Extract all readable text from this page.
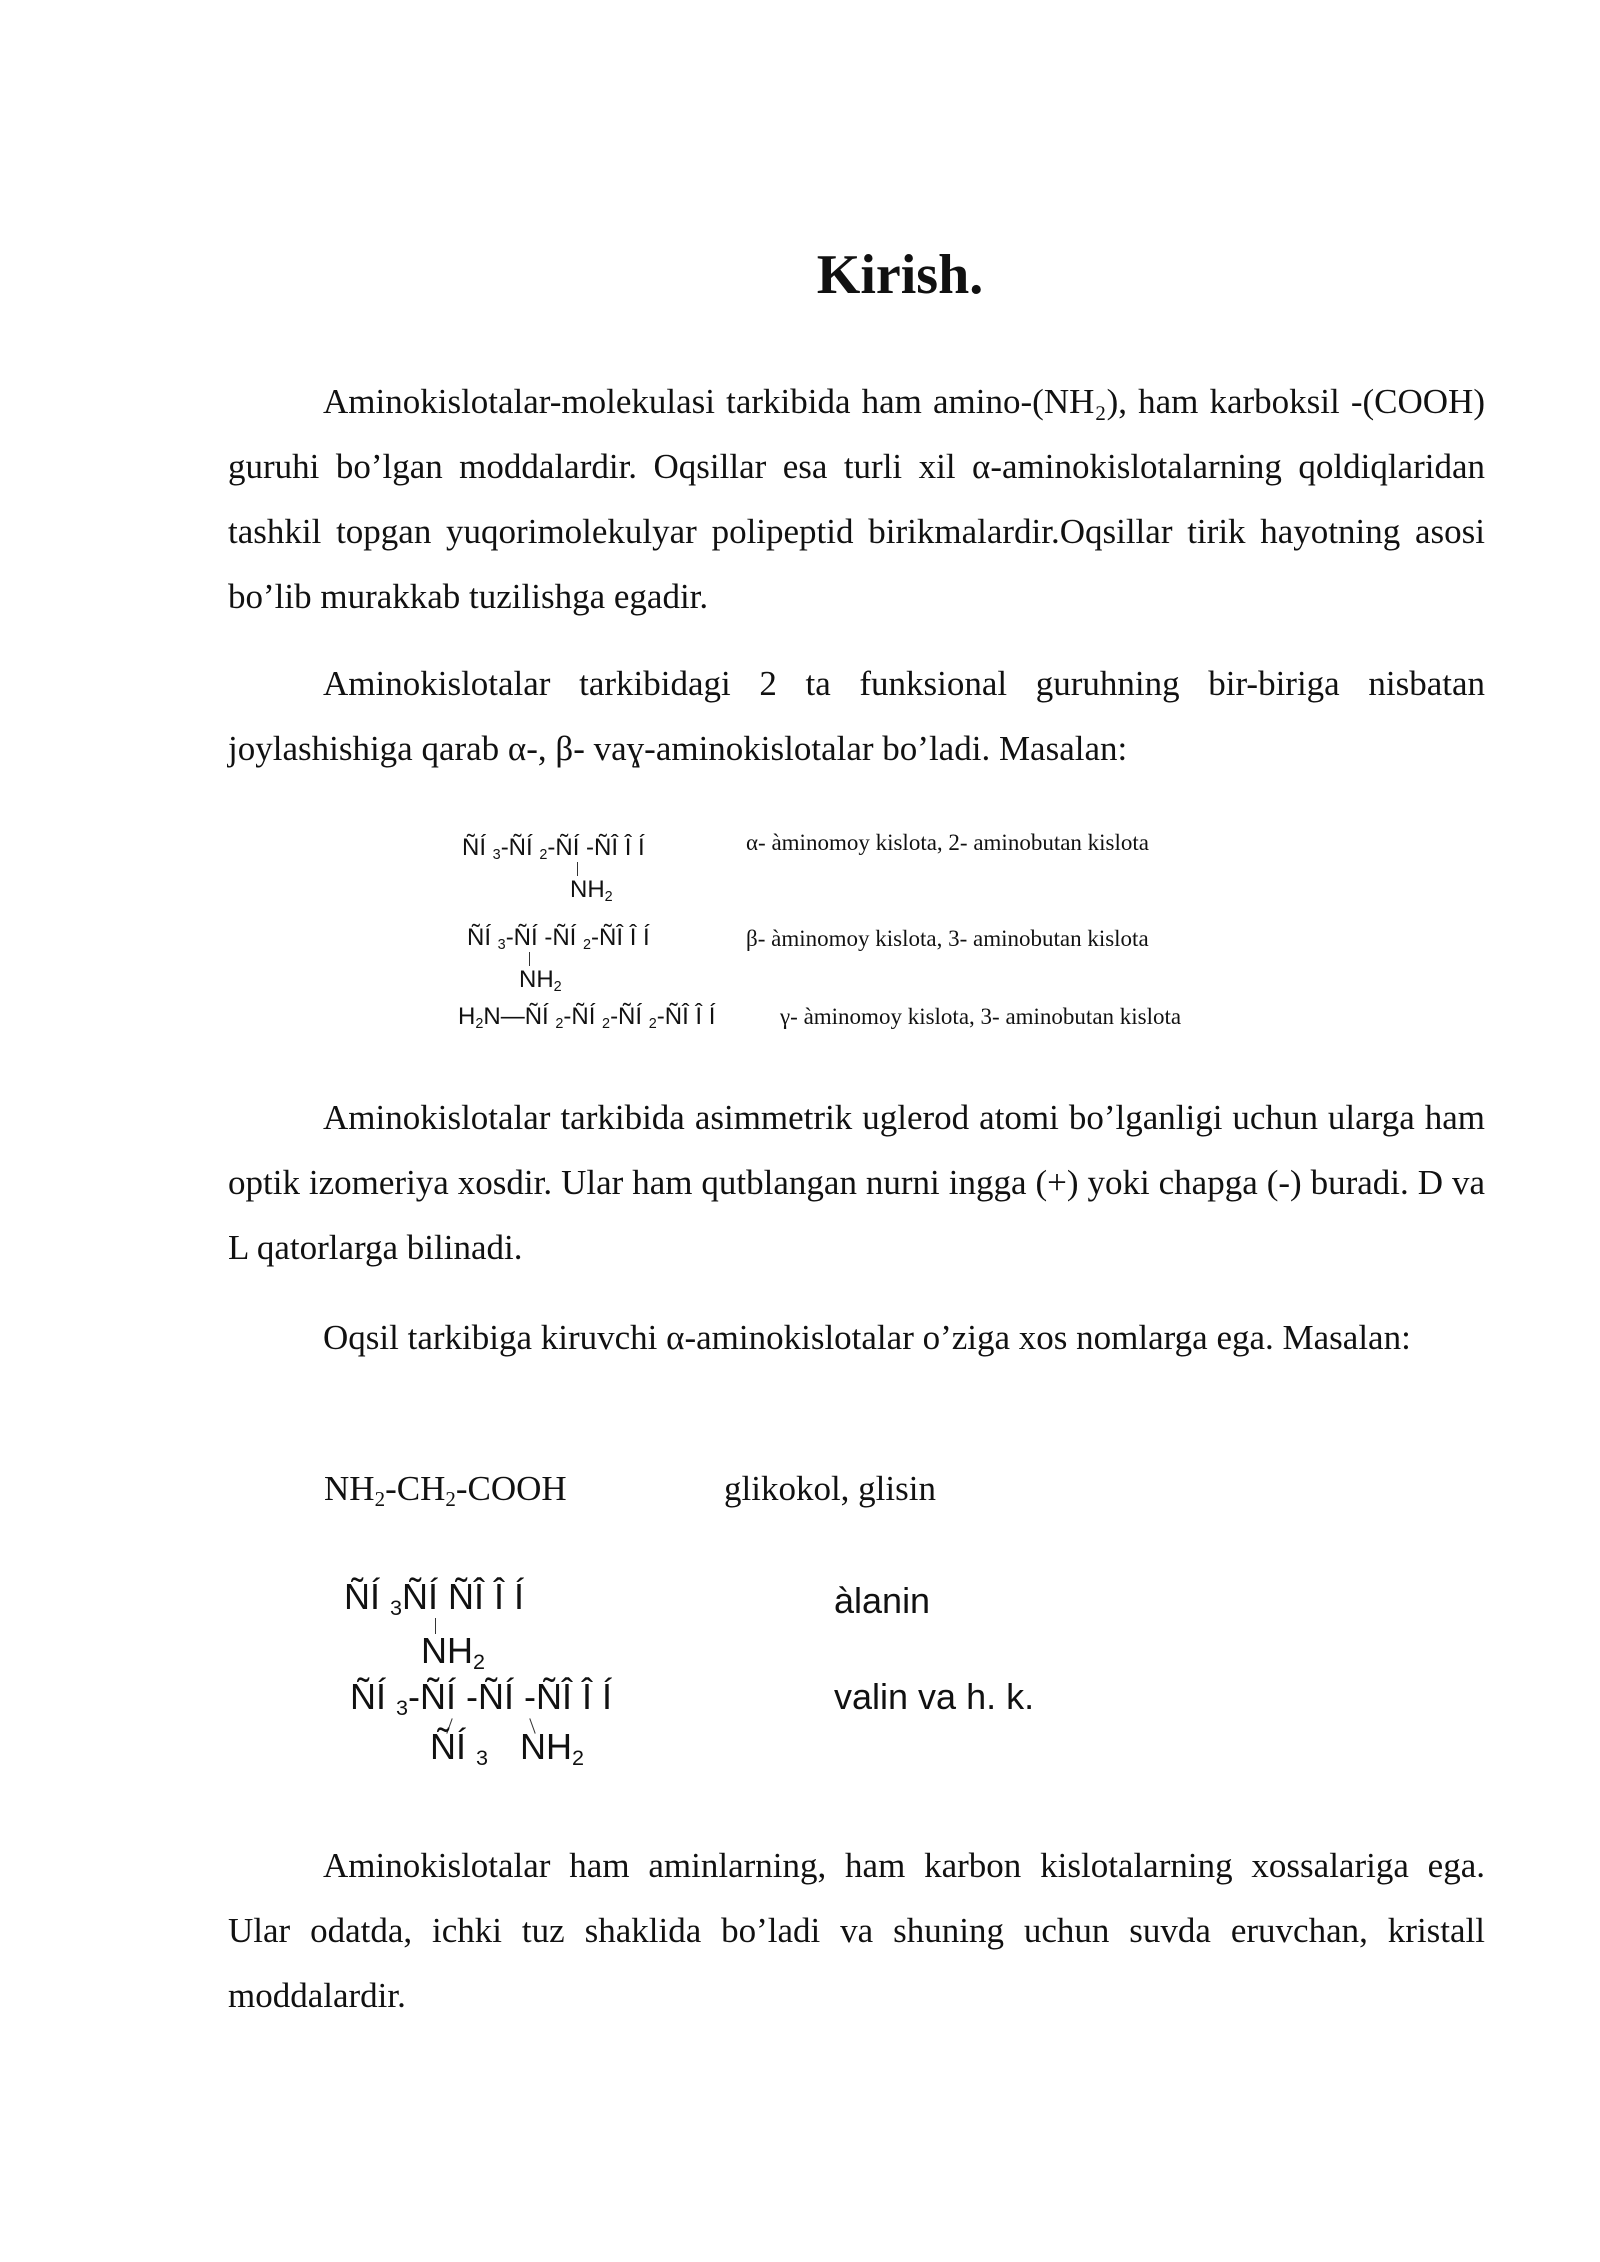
Kirish.

Aminokislotalar-molekulasi tarkibida ham amino-(NH₂), ham karboksil -(COOH) guruhi bo’lgan moddalardir. Oqsillar esa turli xil α-aminokislotalarning qoldiqlaridan tashkil topgan yuqorimolekulyar polipeptid birikmalardir.Oqsillar tirik hayotning asosi bo’lib murakkab tuzilishga egadir.

Aminokislotalar tarkibidagi 2 ta funksional guruhning bir-biriga nisbatan joylashishiga qarab α-, β- vaɣ-aminokislotalar bo’ladi. Masalan:

ÑÍ $_3$-ÑÍ $_2$-ÑÍ -ÑÎ Î Í
$NH_2$
α- àminomoy kislota, 2- aminobutan kislota
ÑÍ $_3$-ÑÍ -ÑÍ $_2$-ÑÎ Î Í
$NH_2$
β- àminomoy kislota, 3- aminobutan kislota
$H_2N—ÑÍ$ $_2$-ÑÍ $_2$-ÑÍ $_2$-ÑÎ Î Í	γ- àminomoy kislota, 3- aminobutan kislota

Aminokislotalar tarkibida asimmetrik uglerod atomi bo’lganligi uchun ularga ham optik izomeriya xosdir. Ular ham qutblangan nurni ingga (+) yoki chapga (-) buradi. D va L qatorlarga bilinadi.

Oqsil tarkibiga kiruvchi α-aminokislotalar o’ziga xos nomlarga ega. Masalan:

$NH_2-CH_2$-COOH	glikokol, glisin
ÑÍ $_3$ÑÍ ÑÎ Î Í
$NH_2$
àlanin
ÑÍ $_3$-ÑÍ -ÑÍ -ÑÎ Î Í
ÑÍ $_3$ $NH_2$
valin va h. k.

Aminokislotalar ham aminlarning, ham karbon kislotalarning xossalariga ega. Ular odatda, ichki tuz shaklida bo’ladi va shuning uchun suvda eruvchan, kristall moddalardir.
